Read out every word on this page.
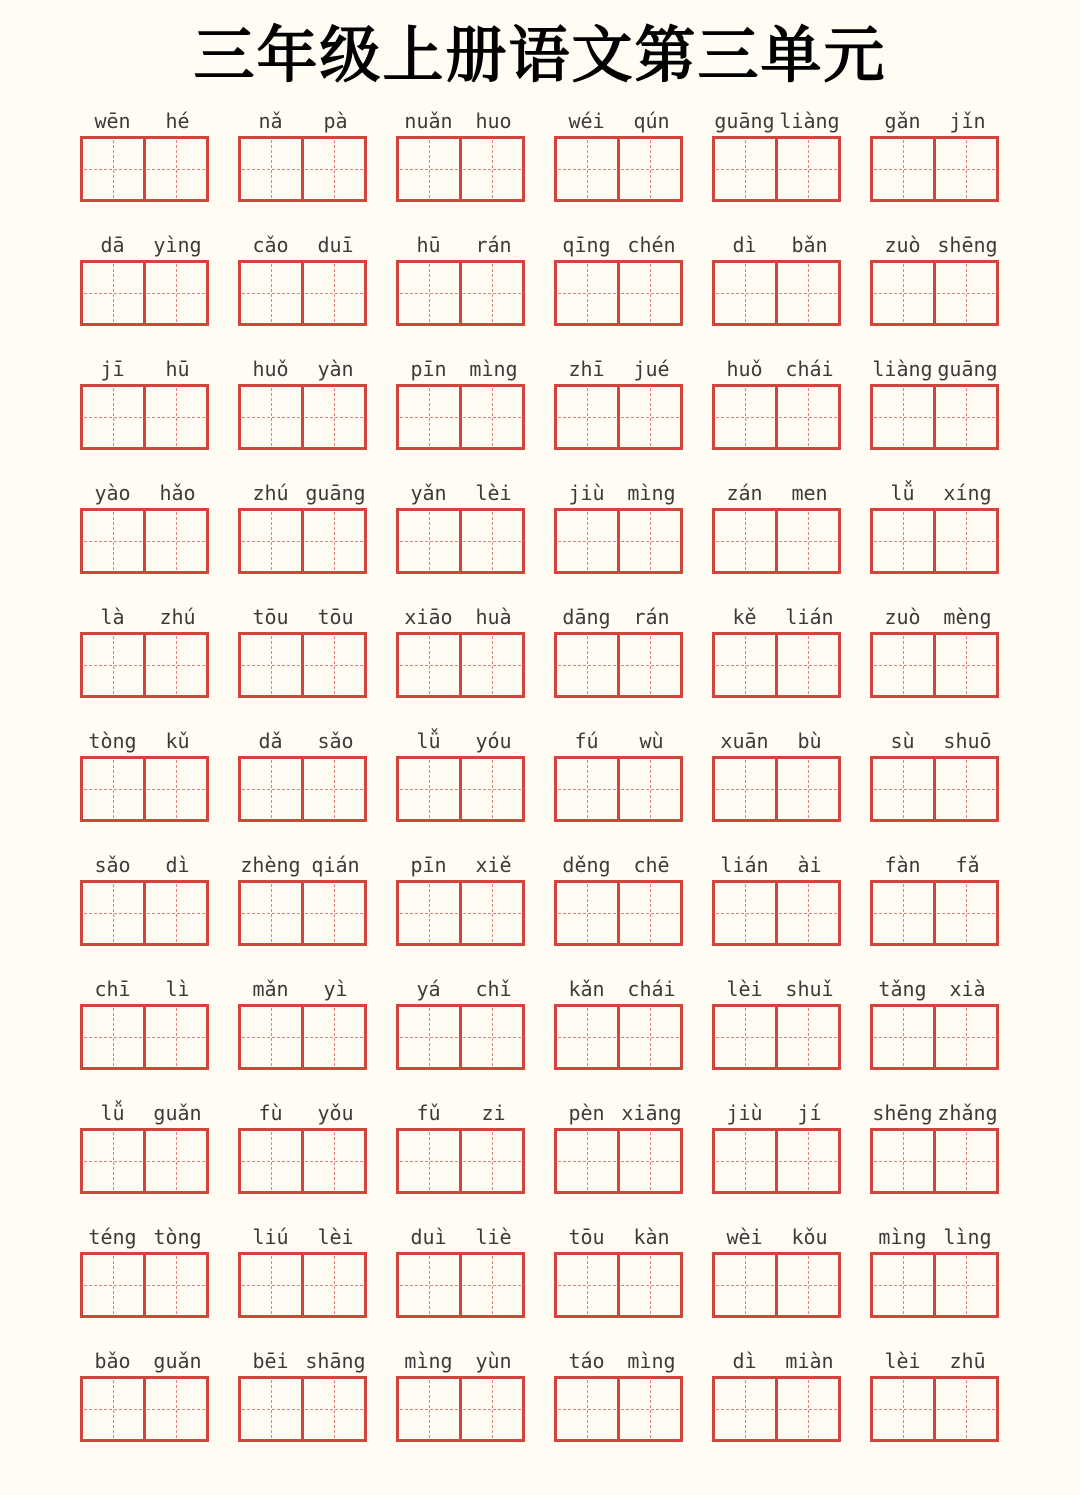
三年级上册语文第三单元
wēn	hé	nǎ	pà	nuǎn	huo	wéi	qún	guāng liàng	gǎn	jǐn
dā	yìng	cǎo	duī	hū	rán	qīng chén	dì	bǎn	zuò shēng
jī	hū	huǒ	yàn	pīn	mìng	zhī	jué	huǒ	chái	liàng guāng
yào	hǎo	zhú guāng	yǎn	lèi	jiù	mìng	zán	men	lǚ	xíng
là	zhú	tōu	tōu	xiāo	huà	dāng	rán	kě	lián	zuò	mèng
tòng	kǔ	dǎ	sǎo	lǚ	yóu	fú	wù	xuān	bù	sù	shuō
sǎo	dì	zhèng qián	pīn	xiě	děng	chē	lián	ài	fàn	fǎ
chī	lì	mǎn	yì	yá	chǐ	kǎn	chái	lèi	shuǐ	tǎng	xià
lǚ	guǎn	fù	yǒu	fǔ	zi	pèn xiāng	jiù	jí	shēng zhǎng
téng tòng	liú	lèi	duì	liè	tōu	kàn	wèi	kǒu	mìng lìng
bǎo	guǎn	bēi shāng	mìng	yùn	táo	mìng	dì	miàn	lèi	zhū
